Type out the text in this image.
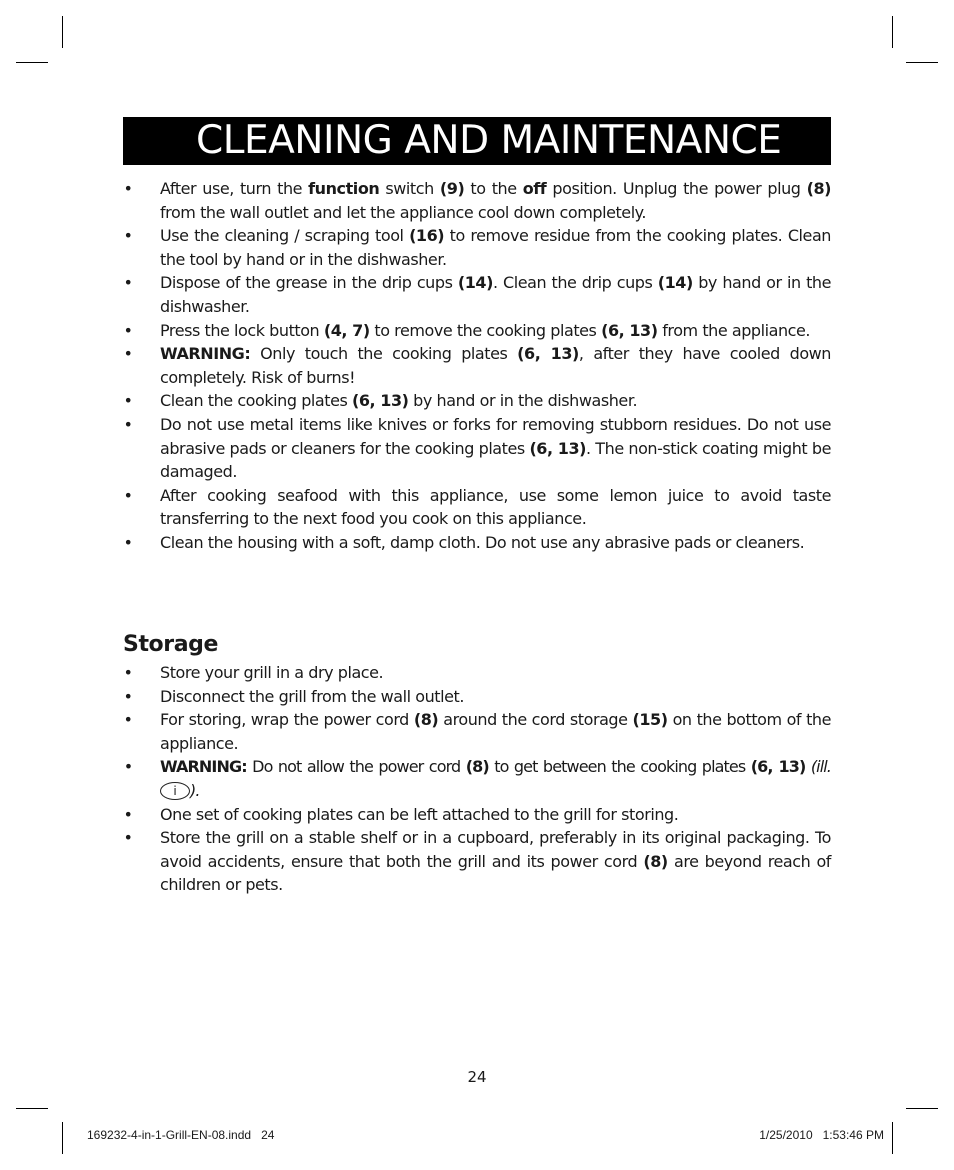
CLEANING AND MAINTENANCE
• After use, turn the function switch (9) to the off position. Unplug the power plug (8) from the wall outlet and let the appliance cool down completely.
• Use the cleaning / scraping tool (16) to remove residue from the cooking plates. Clean the tool by hand or in the dishwasher.
• Dispose of the grease in the drip cups (14). Clean the drip cups (14) by hand or in the dishwasher.
• Press the lock button (4, 7) to remove the cooking plates (6, 13) from the appliance.
• WARNING: Only touch the cooking plates (6, 13), after they have cooled down completely. Risk of burns!
• Clean the cooking plates (6, 13) by hand or in the dishwasher.
• Do not use metal items like knives or forks for removing stubborn residues. Do not use abrasive pads or cleaners for the cooking plates (6, 13). The non-stick coating might be damaged.
• After cooking seafood with this appliance, use some lemon juice to avoid taste transferring to the next food you cook on this appliance.
• Clean the housing with a soft, damp cloth. Do not use any abrasive pads or cleaners.
Storage
• Store your grill in a dry place.
• Disconnect the grill from the wall outlet.
• For storing, wrap the power cord (8) around the cord storage (15) on the bottom of the appliance.
• WARNING: Do not allow the power cord (8) to get between the cooking plates (6, 13) (ill. i ).
• One set of cooking plates can be left attached to the grill for storing.
• Store the grill on a stable shelf or in a cupboard, preferably in its original packaging. To avoid accidents, ensure that both the grill and its power cord (8) are beyond reach of children or pets.
24
169232-4-in-1-Grill-EN-08.indd   24	1/25/2010   1:53:46 PM
